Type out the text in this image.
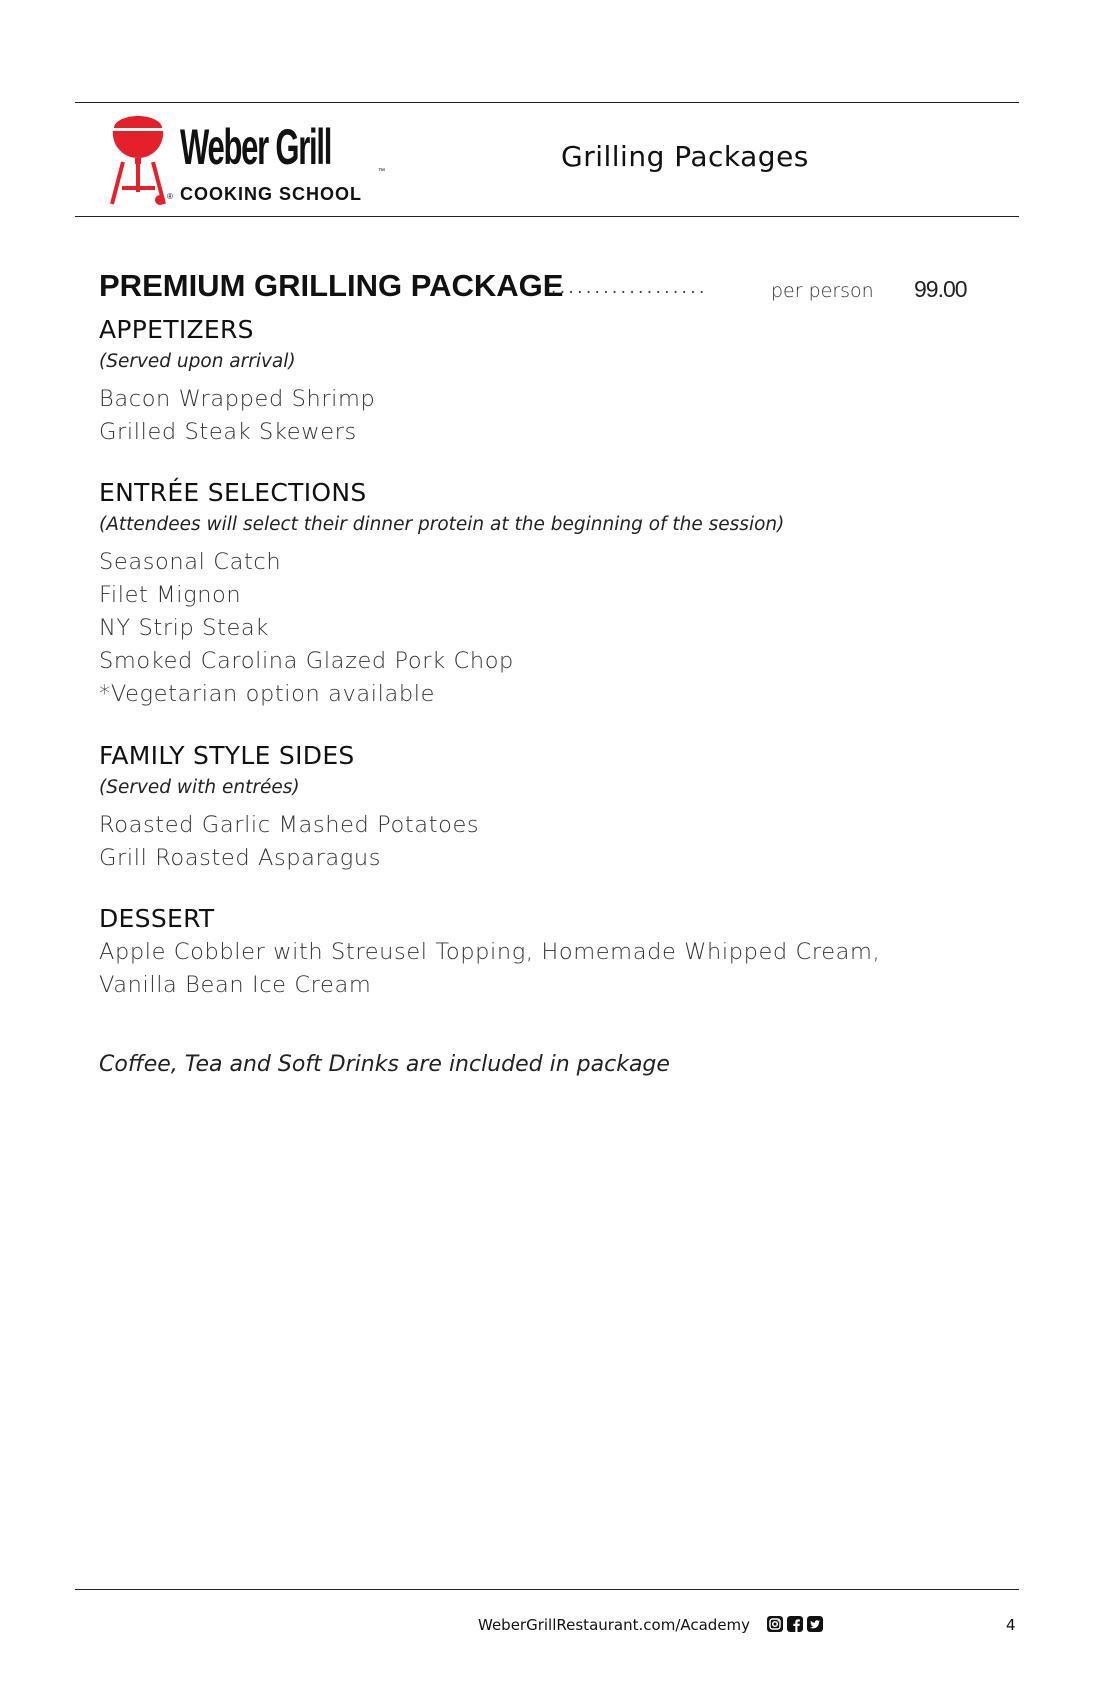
Weber Grill	™
® COOKING SCHOOL
Grilling Packages
PREMIUM GRILLING PACKAGE
..................	per person 99.00
APPETIZERS
(Served upon arrival)
Bacon Wrapped Shrimp
Grilled Steak Skewers
ENTRÉE SELECTIONS
(Attendees will select their dinner protein at the beginning of the session)
Seasonal Catch
Filet Mignon
NY Strip Steak
Smoked Carolina Glazed Pork Chop
*Vegetarian option available
FAMILY STYLE SIDES
(Served with entrées)
Roasted Garlic Mashed Potatoes
Grill Roasted Asparagus
DESSERT
Apple Cobbler with Streusel Topping, Homemade Whipped Cream,
Vanilla Bean Ice Cream
Coffee, Tea and Soft Drinks are included in package
WeberGrillRestaurant.com/Academy	4
